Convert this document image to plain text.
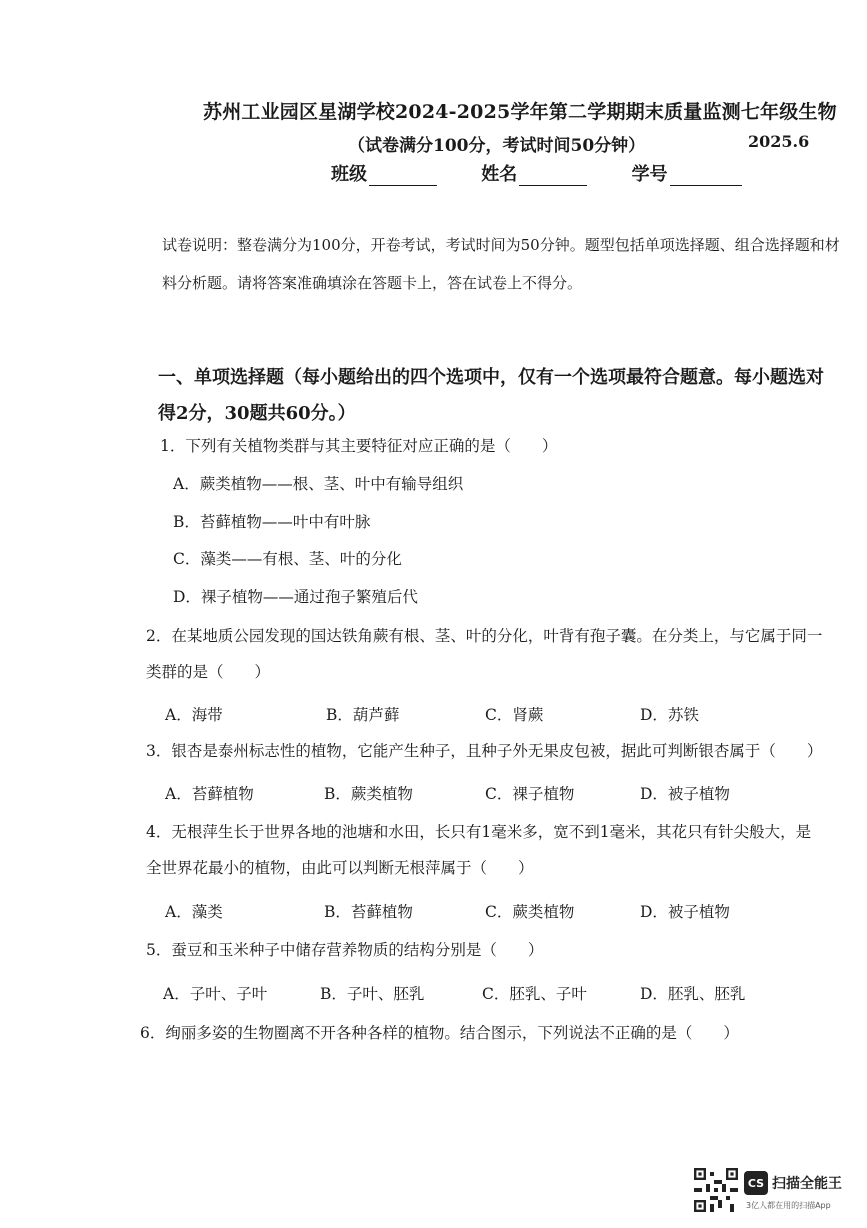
苏州工业园区星湖学校2024-2025学年第二学期期末质量监测七年级生物
（试卷满分100分，考试时间50分钟）	2025.6
班级	姓名	学号
试卷说明：整卷满分为100分，开卷考试，考试时间为50分钟。题型包括单项选择题、组合选择题和材料分析题。请将答案准确填涂在答题卡上，答在试卷上不得分。
一、单项选择题（每小题给出的四个选项中，仅有一个选项最符合题意。每小题选对得2分，30题共60分。）
1．下列有关植物类群与其主要特征对应正确的是（　　）
A．蕨类植物——根、茎、叶中有输导组织
B．苔藓植物——叶中有叶脉
C．藻类——有根、茎、叶的分化
D．裸子植物——通过孢子繁殖后代
2．在某地质公园发现的国达铁角蕨有根、茎、叶的分化，叶背有孢子囊。在分类上，与它属于同一类群的是（　　）
A．海带	B．葫芦藓	C．肾蕨	D．苏铁
3．银杏是泰州标志性的植物，它能产生种子，且种子外无果皮包被，据此可判断银杏属于（　　）
A．苔藓植物	B．蕨类植物	C．裸子植物	D．被子植物
4．无根萍生长于世界各地的池塘和水田，长只有1毫米多，宽不到1毫米，其花只有针尖般大，是全世界花最小的植物，由此可以判断无根萍属于（　　）
A．藻类	B．苔藓植物	C．蕨类植物	D．被子植物
5．蚕豆和玉米种子中储存营养物质的结构分别是（　　）
A．子叶、子叶	B．子叶、胚乳	C．胚乳、子叶	D．胚乳、胚乳
6．绚丽多姿的生物圈离不开各种各样的植物。结合图示，下列说法不正确的是（　　）
CS 扫描全能王
3亿人都在用的扫描App
